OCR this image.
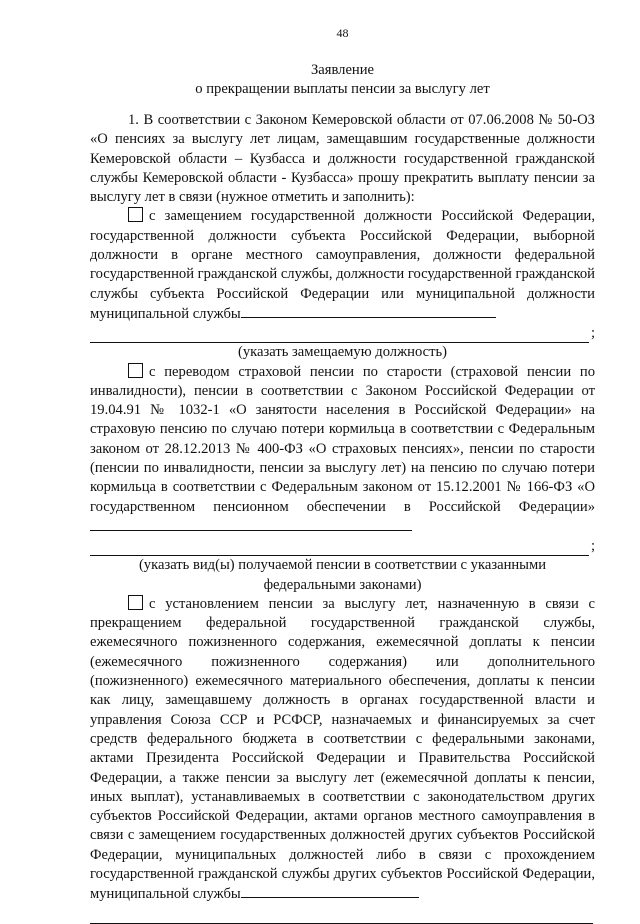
48
Заявление
о прекращении выплаты пенсии за выслугу лет
1. В соответствии с Законом Кемеровской области от 07.06.2008 № 50-ОЗ «О пенсиях за выслугу лет лицам, замещавшим государственные должности Кемеровской области – Кузбасса и должности государственной гражданской службы Кемеровской области - Кузбасса» прошу прекратить выплату пенсии за выслугу лет в связи (нужное отметить и заполнить):
с замещением государственной должности Российской Федерации, государственной должности субъекта Российской Федерации, выборной должности в органе местного самоуправления, должности федеральной государственной гражданской службы, должности государственной гражданской службы субъекта Российской Федерации или муниципальной должности муниципальной службы
;
(указать замещаемую должность)
с переводом страховой пенсии по старости (страховой пенсии по инвалидности), пенсии в соответствии с Законом Российской Федерации от 19.04.91 № 1032-1 «О занятости населения в Российской Федерации» на страховую пенсию по случаю потери кормильца в соответствии с Федеральным законом от 28.12.2013 № 400-ФЗ «О страховых пенсиях», пенсии по старости (пенсии по инвалидности, пенсии за выслугу лет) на пенсию по случаю потери кормильца в соответствии с Федеральным законом от 15.12.2001 № 166-ФЗ «О государственном пенсионном обеспечении в Российской Федерации»
;
(указать вид(ы) получаемой пенсии в соответствии с указанными
федеральными законами)
с установлением пенсии за выслугу лет, назначенную в связи с прекращением федеральной государственной гражданской службы, ежемесячного пожизненного содержания, ежемесячной доплаты к пенсии (ежемесячного пожизненного содержания) или дополнительного (пожизненного) ежемесячного материального обеспечения, доплаты к пенсии как лицу, замещавшему должность в органах государственной власти и управления Союза ССР и РСФСР, назначаемых и финансируемых за счет средств федерального бюджета в соответствии с федеральными законами, актами Президента Российской Федерации и Правительства Российской Федерации, а также пенсии за выслугу лет (ежемесячной доплаты к пенсии, иных выплат), устанавливаемых в соответствии с законодательством других субъектов Российской Федерации, актами органов местного самоуправления в связи с замещением государственных должностей других субъектов Российской Федерации, муниципальных должностей либо в связи с прохождением государственной гражданской службы других субъектов Российской Федерации, муниципальной службы
